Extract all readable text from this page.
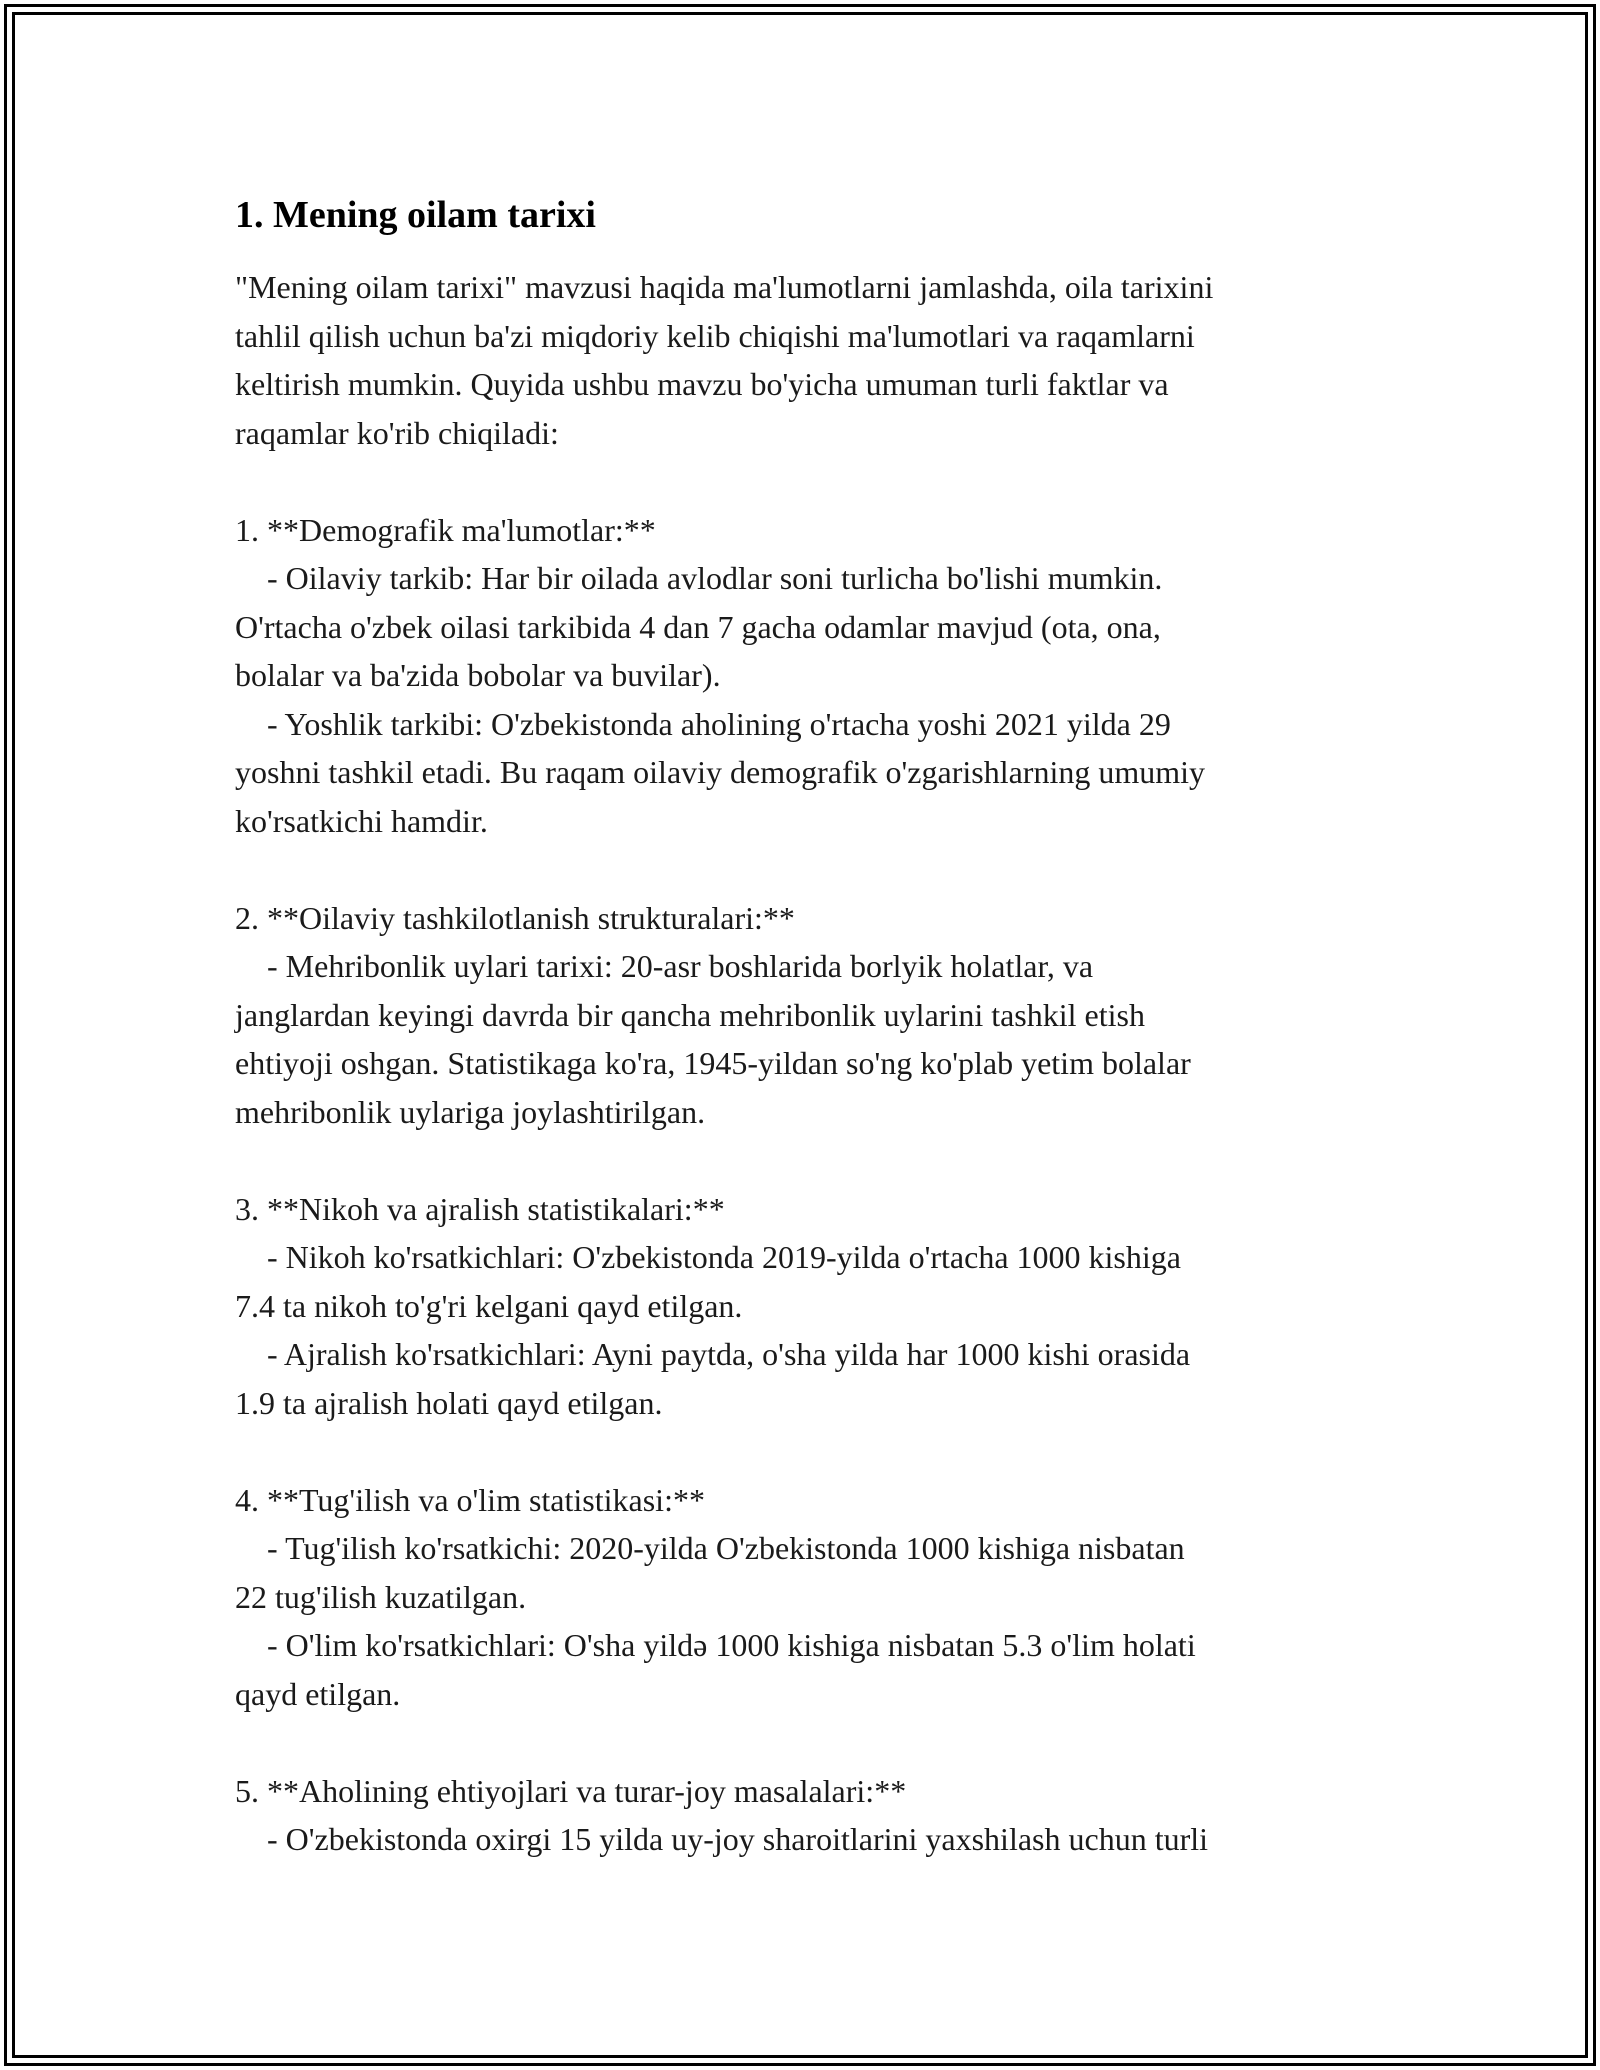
1. Mening oilam tarixi
"Mening oilam tarixi" mavzusi haqida ma'lumotlarni jamlashda, oila tarixini
tahlil qilish uchun ba'zi miqdoriy kelib chiqishi ma'lumotlari va raqamlarni
keltirish mumkin. Quyida ushbu mavzu bo'yicha umuman turli faktlar va
raqamlar ko'rib chiqiladi:
1. **Demografik ma'lumotlar:**
- Oilaviy tarkib: Har bir oilada avlodlar soni turlicha bo'lishi mumkin.
O'rtacha o'zbek oilasi tarkibida 4 dan 7 gacha odamlar mavjud (ota, ona,
bolalar va ba'zida bobolar va buvilar).
- Yoshlik tarkibi: O'zbekistonda aholining o'rtacha yoshi 2021 yilda 29
yoshni tashkil etadi. Bu raqam oilaviy demografik o'zgarishlarning umumiy
ko'rsatkichi hamdir.
2. **Oilaviy tashkilotlanish strukturalari:**
- Mehribonlik uylari tarixi: 20-asr boshlarida borlyik holatlar, va
janglardan keyingi davrda bir qancha mehribonlik uylarini tashkil etish
ehtiyoji oshgan. Statistikaga ko'ra, 1945-yildan so'ng ko'plab yetim bolalar
mehribonlik uylariga joylashtirilgan.
3. **Nikoh va ajralish statistikalari:**
- Nikoh ko'rsatkichlari: O'zbekistonda 2019-yilda o'rtacha 1000 kishiga
7.4 ta nikoh to'g'ri kelgani qayd etilgan.
- Ajralish ko'rsatkichlari: Ayni paytda, o'sha yilda har 1000 kishi orasida
1.9 ta ajralish holati qayd etilgan.
4. **Tug'ilish va o'lim statistikasi:**
- Tug'ilish ko'rsatkichi: 2020-yilda O'zbekistonda 1000 kishiga nisbatan
22 tug'ilish kuzatilgan.
- O'lim ko'rsatkichlari: O'sha yildə 1000 kishiga nisbatan 5.3 o'lim holati
qayd etilgan.
5. **Aholining ehtiyojlari va turar-joy masalalari:**
- O'zbekistonda oxirgi 15 yilda uy-joy sharoitlarini yaxshilash uchun turli
